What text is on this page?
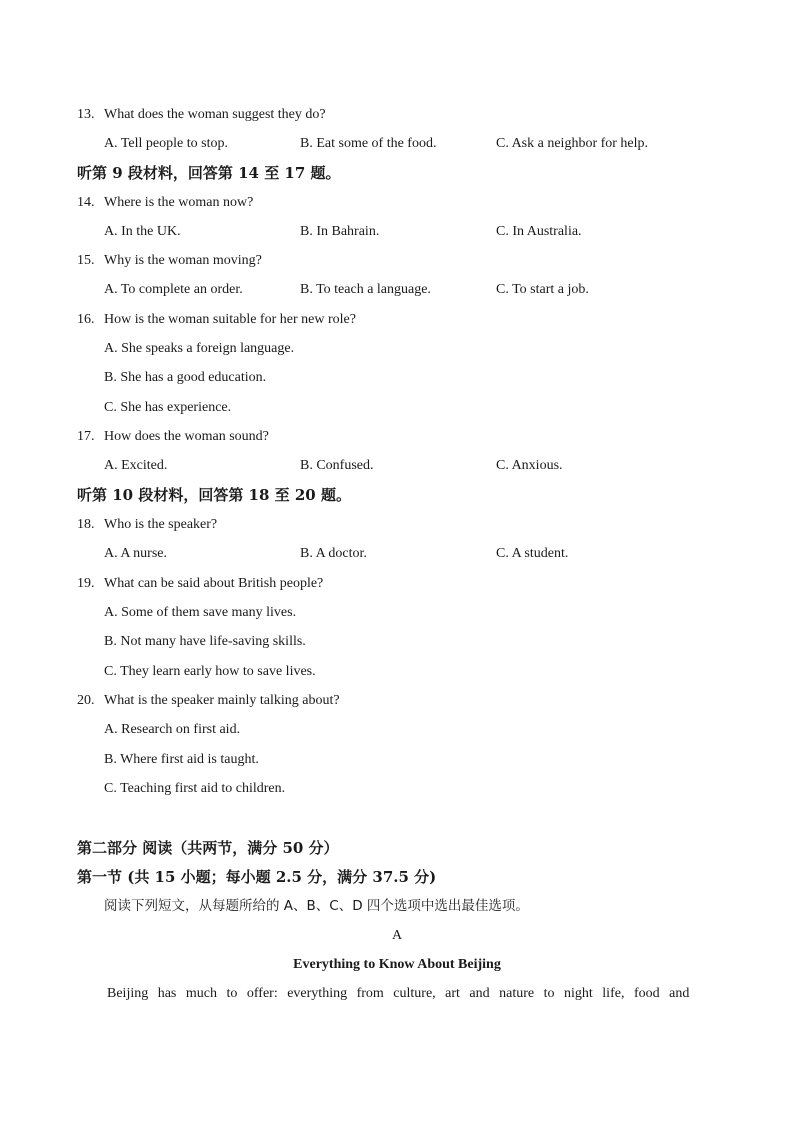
13. What does the woman suggest they do?
A. Tell people to stop.	B. Eat some of the food.	C. Ask a neighbor for help.
听第 9 段材料，回答第 14 至 17 题。
14. Where is the woman now?
A. In the UK.	B. In Bahrain.	C. In Australia.
15. Why is the woman moving?
A. To complete an order.	B. To teach a language.	C. To start a job.
16. How is the woman suitable for her new role?
A. She speaks a foreign language.
B. She has a good education.
C. She has experience.
17. How does the woman sound?
A. Excited.	B. Confused.	C. Anxious.
听第 10 段材料，回答第 18 至 20 题。
18. Who is the speaker?
A. A nurse.	B. A doctor.	C. A student.
19. What can be said about British people?
A. Some of them save many lives.
B. Not many have life-saving skills.
C. They learn early how to save lives.
20. What is the speaker mainly talking about?
A. Research on first aid.
B. Where first aid is taught.
C. Teaching first aid to children.
第二部分 阅读（共两节，满分 50 分）
第一节 (共 15 小题；每小题 2.5 分，满分 37.5 分)
阅读下列短文，从每题所给的 A、B、C、D 四个选项中选出最佳选项。
A
Everything to Know About Beijing
Beijing has much to offer: everything from culture, art and nature to night life, food and
